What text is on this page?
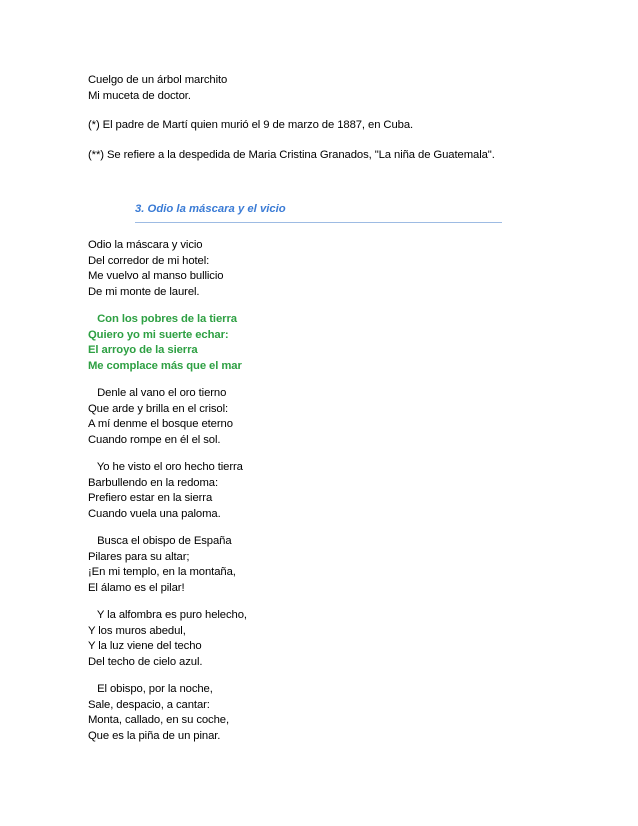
Cuelgo de un árbol marchito
Mi muceta de doctor.
(*) El padre de Martí quien murió el 9 de marzo de 1887, en Cuba.
(**) Se refiere a la despedida de Maria Cristina Granados, "La niña de Guatemala".
3. Odio la máscara y el vicio
Odio la máscara y vicio
Del corredor de mi hotel:
Me vuelvo al manso bullicio
De mi monte de laurel.
Con los pobres de la tierra
Quiero yo mi suerte echar:
El arroyo de la sierra
Me complace más que el mar
Denle al vano el oro tierno
Que arde y brilla en el crisol:
A mí denme el bosque eterno
Cuando rompe en él el sol.
Yo he visto el oro hecho tierra
Barbullendo en la redoma:
Prefiero estar en la sierra
Cuando vuela una paloma.
Busca el obispo de España
Pilares para su altar;
¡En mi templo, en la montaña,
El álamo es el pilar!
Y la alfombra es puro helecho,
Y los muros abedul,
Y la luz viene del techo
Del techo de cielo azul.
El obispo, por la noche,
Sale, despacio, a cantar:
Monta, callado, en su coche,
Que es la piña de un pinar.
